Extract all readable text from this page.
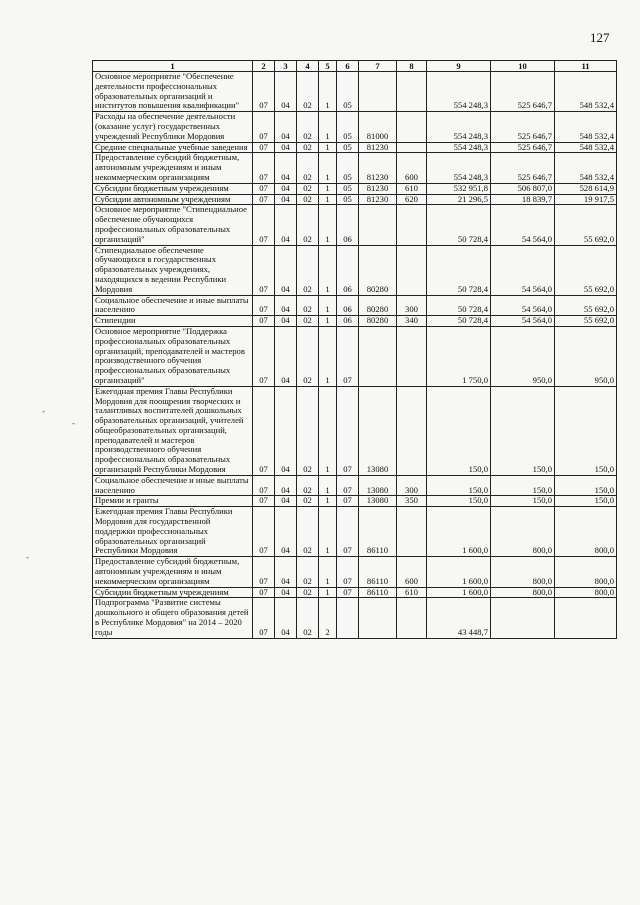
127
-
-
-
1	2	3	4	5	6	7	8	9	10	11
Основное мероприятие "Обеспечение деятельности профессиональных образовательных организаций и институтов повышения квалификации"	07	04	02	1	05			554 248,3	525 646,7	548 532,4
Расходы на обеспечение деятельности (оказание услуг) государственных учреждений Республики Мордовия	07	04	02	1	05	81000		554 248,3	525 646,7	548 532,4
Средние специальные учебные заведения	07	04	02	1	05	81230		554 248,3	525 646,7	548 532,4
Предоставление субсидий бюджетным, автономным учреждениям и иным некоммерческим организациям	07	04	02	1	05	81230	600	554 248,3	525 646,7	548 532,4
Субсидии бюджетным учреждениям	07	04	02	1	05	81230	610	532 951,8	506 807,0	528 614,9
Субсидии автономным учреждениям	07	04	02	1	05	81230	620	21 296,5	18 839,7	19 917,5
Основное мероприятие "Стипендиальное обеспечение обучающихся профессиональных образовательных организаций"	07	04	02	1	06			50 728,4	54 564,0	55 692,0
Стипендиальное обеспечение обучающихся в государственных образовательных учреждениях, находящихся в ведении Республики Мордовия	07	04	02	1	06	80280		50 728,4	54 564,0	55 692,0
Социальное обеспечение и иные выплаты населению	07	04	02	1	06	80280	300	50 728,4	54 564,0	55 692,0
Стипендии	07	04	02	1	06	80280	340	50 728,4	54 564,0	55 692,0
Основное мероприятие "Поддержка профессиональных образовательных организаций, преподавателей и мастеров производственного обучения профессиональных образовательных организаций"	07	04	02	1	07			1 750,0	950,0	950,0
Ежегодная премия Главы Республики Мордовия для поощрения творческих и талантливых воспитателей дошкольных образовательных организаций, учителей общеобразовательных организаций, преподавателей и мастеров производственного обучения профессиональных образовательных организаций Республики Мордовия	07	04	02	1	07	13080		150,0	150,0	150,0
Социальное обеспечение и иные выплаты населению	07	04	02	1	07	13080	300	150,0	150,0	150,0
Премии и гранты	07	04	02	1	07	13080	350	150,0	150,0	150,0
Ежегодная премия Главы Республики Мордовия для государственной поддержки профессиональных образовательных организаций Республики Мордовия	07	04	02	1	07	86110		1 600,0	800,0	800,0
Предоставление субсидий бюджетным, автономным учреждениям и иным некоммерческим организациям	07	04	02	1	07	86110	600	1 600,0	800,0	800,0
Субсидии бюджетным учреждениям	07	04	02	1	07	86110	610	1 600,0	800,0	800,0
Подпрограмма "Развитие системы дошкольного и общего образования детей в Республике Мордовия" на 2014 – 2020 годы	07	04	02	2				43 448,7		
